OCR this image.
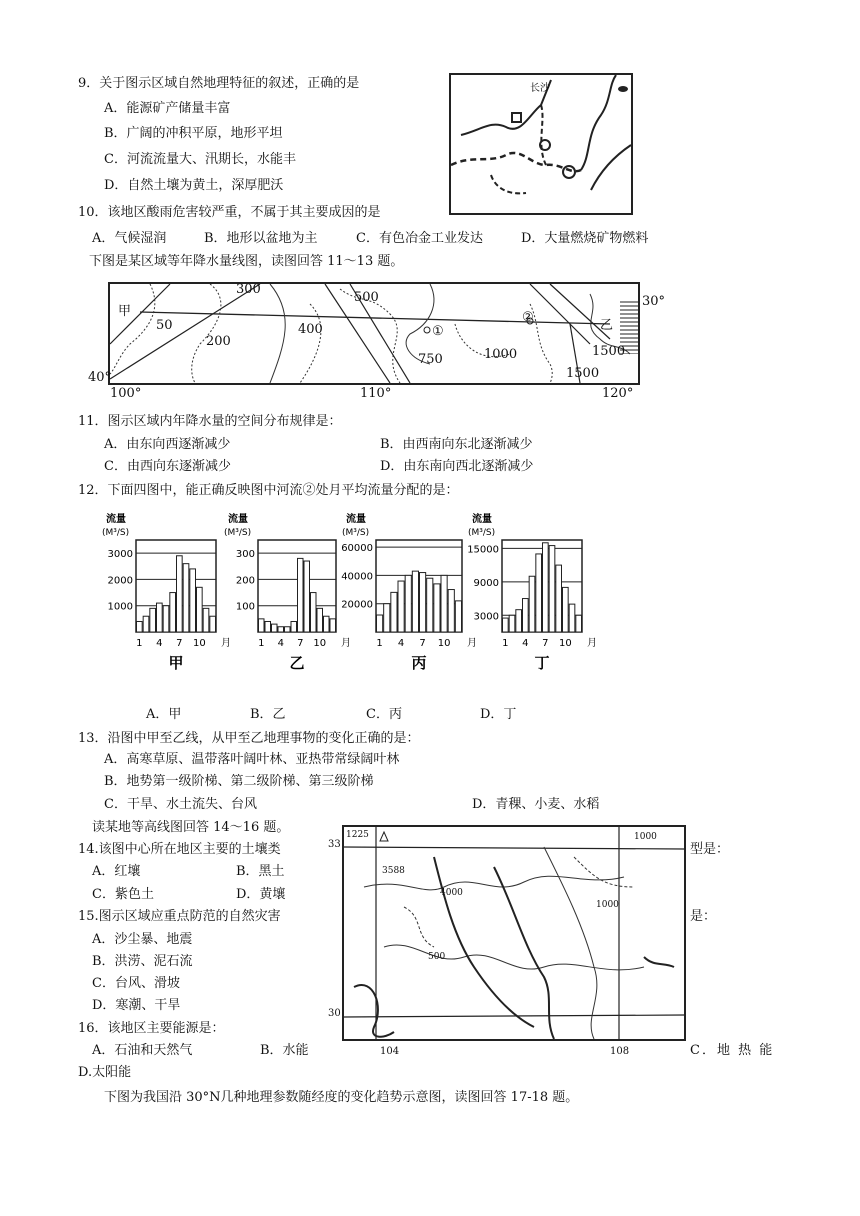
9．关于图示区域自然地理特征的叙述，正确的是
A．能源矿产储量丰富
B．广阔的冲积平原，地形平坦
C．河流流量大、汛期长，水能丰
D．自然土壤为黄土，深厚肥沃
长沙
10．该地区酸雨危害较严重，不属于其主要成因的是
A．气候湿润	B．地形以盆地为主	C．有色冶金工业发达	D．大量燃烧矿物燃料
下图是某区域等年降水量线图，读图回答 11～13 题。
300
500
50	400
200
750	1000	1500
1500
甲
①
②
乙
30°
40°
100°	110°	120°
11．图示区域内年降水量的空间分布规律是：
A．由东向西逐渐减少	B．由西南向东北逐渐减少
C．由西向东逐渐减少	D．由东南向西北逐渐减少
12．下面四图中，能正确反映图中河流②处月平均流量分配的是：
流量
(M³/S)
3000
2000
1000
1 4 7 10 月
甲
流量
(M³/S)
300
200
100
1 4 7 10 月
乙
流量
(M³/S)
60000
40000
20000
1 4 7 10 月
丙
流量
(M³/S)
15000
9000
3000
1 4 7 10 月
丁
A．甲	B．乙	C．丙	D．丁
13．沿图中甲至乙线，从甲至乙地理事物的变化正确的是：
A．高寒草原、温带落叶阔叶林、亚热带常绿阔叶林
B．地势第一级阶梯、第二级阶梯、第三级阶梯
C．干旱、水土流失、台风	D．青稞、小麦、水稻
读某地等高线图回答 14～16 题。	1225	1000
3588
4000
1000
500
33
30
104	108
14.该图中心所在地区主要的土壤类	型是：
A．红壤	B．黑土
C．紫色土	D．黄壤
15.图示区域应重点防范的自然灾害	是：
A．沙尘暴、地震
B．洪涝、泥石流
C．台风、滑坡
D．寒潮、干旱
16．该地区主要能源是：
A．石油和天然气	B．水能	C．地 热 能
D.太阳能
下图为我国沿 30°N几种地理参数随经度的变化趋势示意图，读图回答 17-18 题。
